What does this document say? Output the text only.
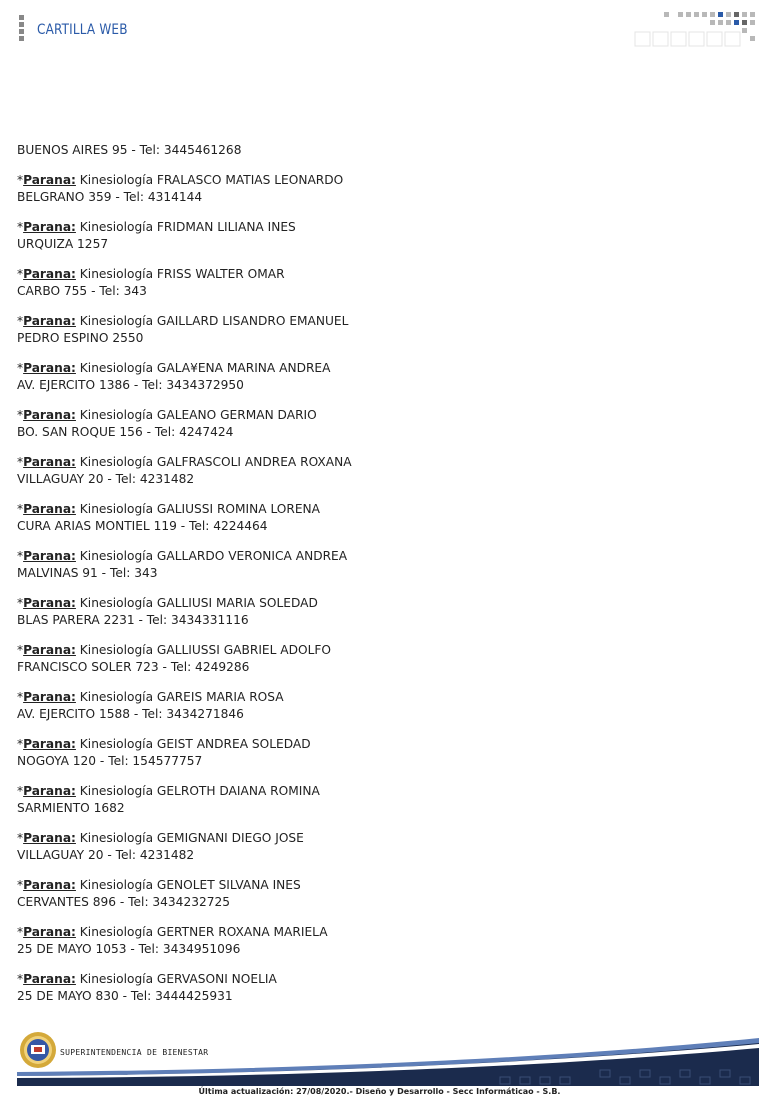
CARTILLA WEB

BUENOS AIRES 95 - Tel: 3445461268

*Parana: Kinesiología FRALASCO MATIAS LEONARDO

BELGRANO 359 - Tel: 4314144

*Parana: Kinesiología FRIDMAN LILIANA INES

URQUIZA 1257

*Parana: Kinesiología FRISS WALTER OMAR

CARBO 755 - Tel: 343

*Parana: Kinesiología GAILLARD LISANDRO EMANUEL

PEDRO ESPINO 2550

*Parana: Kinesiología GALA¥ENA MARINA ANDREA

AV. EJERCITO 1386 - Tel: 3434372950

*Parana: Kinesiología GALEANO GERMAN DARIO

BO. SAN ROQUE 156 - Tel: 4247424

*Parana: Kinesiología GALFRASCOLI ANDREA ROXANA

VILLAGUAY 20 - Tel: 4231482

*Parana: Kinesiología GALIUSSI ROMINA LORENA

CURA ARIAS MONTIEL 119 - Tel: 4224464

*Parana: Kinesiología GALLARDO VERONICA ANDREA

MALVINAS 91 - Tel: 343

*Parana: Kinesiología GALLIUSI MARIA SOLEDAD

BLAS PARERA 2231 - Tel: 3434331116

*Parana: Kinesiología GALLIUSSI GABRIEL ADOLFO

FRANCISCO SOLER 723 - Tel: 4249286

*Parana: Kinesiología GAREIS MARIA ROSA

AV. EJERCITO 1588 - Tel: 3434271846

*Parana: Kinesiología GEIST ANDREA SOLEDAD

NOGOYA 120 - Tel: 154577757

*Parana: Kinesiología GELROTH DAIANA ROMINA

SARMIENTO 1682

*Parana: Kinesiología GEMIGNANI DIEGO JOSE

VILLAGUAY 20 - Tel: 4231482

*Parana: Kinesiología GENOLET SILVANA INES

CERVANTES 896 - Tel: 3434232725

*Parana: Kinesiología GERTNER ROXANA MARIELA

25 DE MAYO 1053 - Tel: 3434951096

*Parana: Kinesiología GERVASONI NOELIA

25 DE MAYO 830 - Tel: 3444425931

SUPERINTENDENCIA DE BIENESTAR
Última actualización: 27/08/2020.- Diseño y Desarrollo - Secc Informáticao - S.B.
